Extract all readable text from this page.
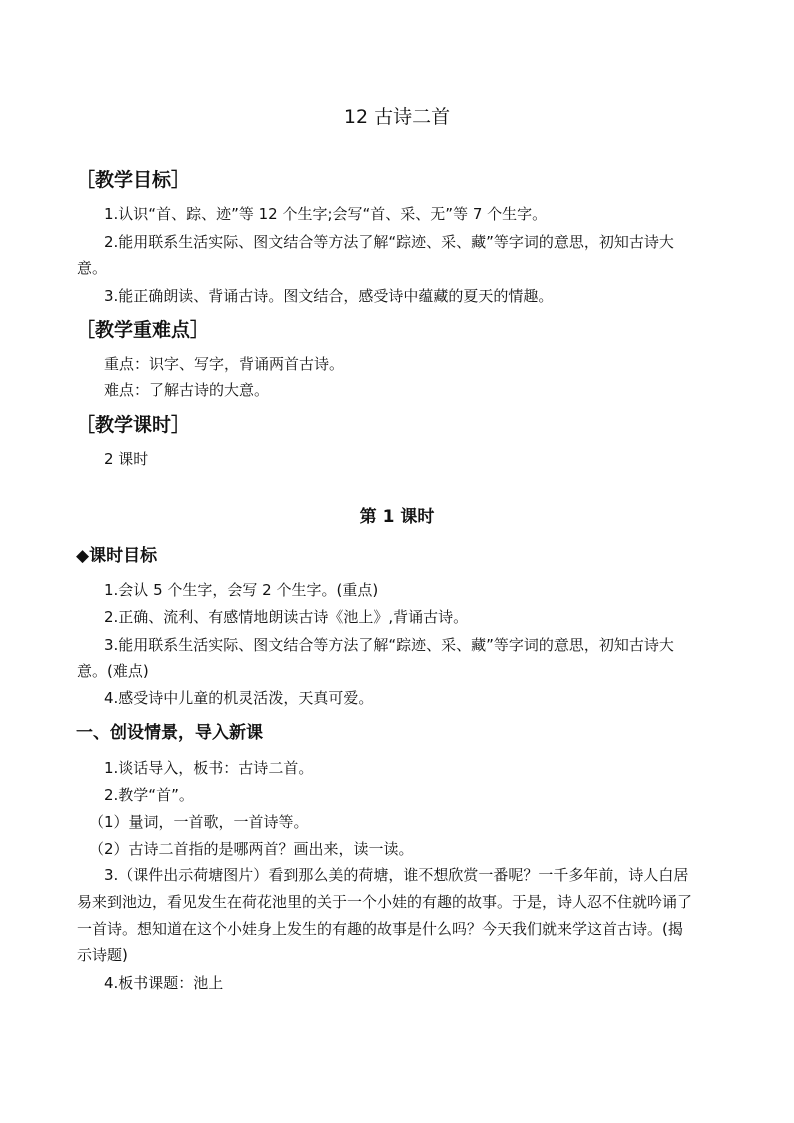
12 古诗二首
［教学目标］
1.认识“首、踪、迹”等 12 个生字;会写“首、采、无”等 7 个生字。
2.能用联系生活实际、图文结合等方法了解“踪迹、采、藏”等字词的意思，初知古诗大
意。
3.能正确朗读、背诵古诗。图文结合，感受诗中蕴藏的夏天的情趣。
［教学重难点］
重点：识字、写字，背诵两首古诗。
难点：了解古诗的大意。
［教学课时］
2 课时
第 1 课时
◆课时目标
1.会认 5 个生字，会写 2 个生字。(重点)
2.正确、流利、有感情地朗读古诗《池上》,背诵古诗。
3.能用联系生活实际、图文结合等方法了解“踪迹、采、藏”等字词的意思，初知古诗大
意。(难点)
4.感受诗中儿童的机灵活泼，天真可爱。
一、创设情景，导入新课
1.谈话导入，板书：古诗二首。
2.教学“首”。
（1）量词，一首歌，一首诗等。
（2）古诗二首指的是哪两首？画出来，读一读。
3.（课件出示荷塘图片）看到那么美的荷塘，谁不想欣赏一番呢？一千多年前，诗人白居
易来到池边，看见发生在荷花池里的关于一个小娃的有趣的故事。于是，诗人忍不住就吟诵了
一首诗。想知道在这个小娃身上发生的有趣的故事是什么吗？今天我们就来学这首古诗。(揭
示诗题)
4.板书课题：池上
